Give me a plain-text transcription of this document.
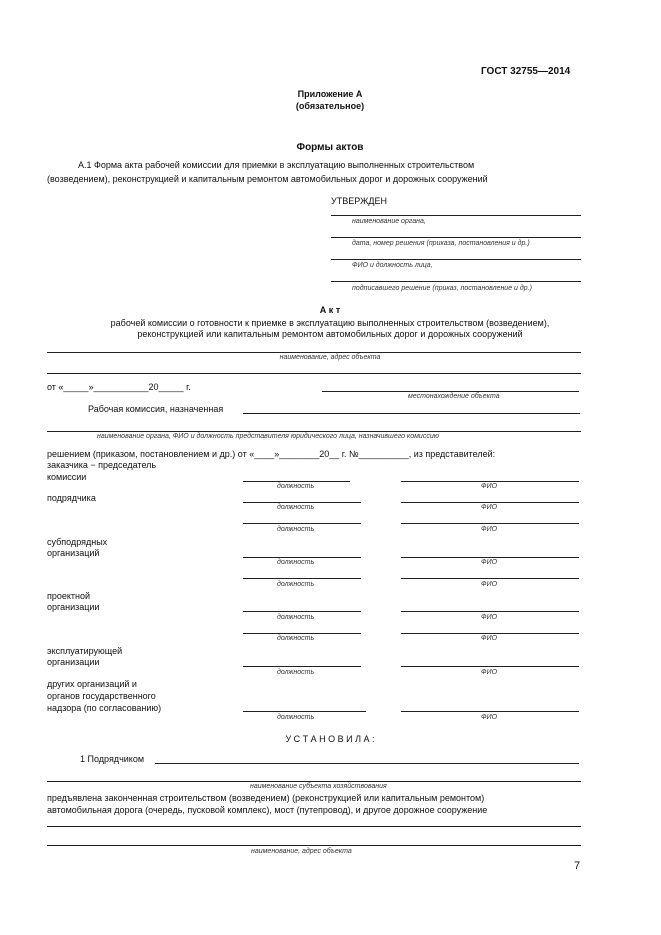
ГОСТ 32755—2014
Приложение А
(обязательное)
Формы актов
А.1 Форма акта рабочей комиссии для приемки в эксплуатацию выполненных строительством
(возведением), реконструкцией и капитальным ремонтом автомобильных дорог и дорожных сооружений
УТВЕРЖДЕН
наименование органа,
дата, номер решения (приказа, постановления и др.)
ФИО и должность лица,
подписавшего решение (приказ, постановление и др.)
А к т
рабочей комиссии о готовности к приемке в эксплуатацию выполненных строительством (возведением),
реконструкцией или капитальным ремонтом автомобильных дорог и дорожных сооружений
наименование, адрес объекта
от «_____»___________20_____ г.
местонахождение объекта
Рабочая комиссия, назначенная
наименование органа, ФИО и должность представителя юридического лица, назначившего комиссию
решением (приказом, постановлением и др.) от «____»________20__ г. №__________, из представителей:
заказчика − председатель
комиссии
должность	ФИО
подрядчика
должность	ФИО
должность	ФИО
субподрядных
организаций
должность	ФИО
должность	ФИО
проектной
организации
должность	ФИО
должность	ФИО
эксплуатирующей
организации
должность	ФИО
других организаций и
органов государственного
надзора (по согласованию)
должность	ФИО
У С Т А Н О В И Л А :
1 Подрядчиком
наименование субъекта хозяйствования
предъявлена законченная строительством (возведением) (реконструкцией или капитальным ремонтом)
автомобильная дорога (очередь, пусковой комплекс), мост (путепровод), и другое дорожное сооружение
наименование, адрес объекта
7
